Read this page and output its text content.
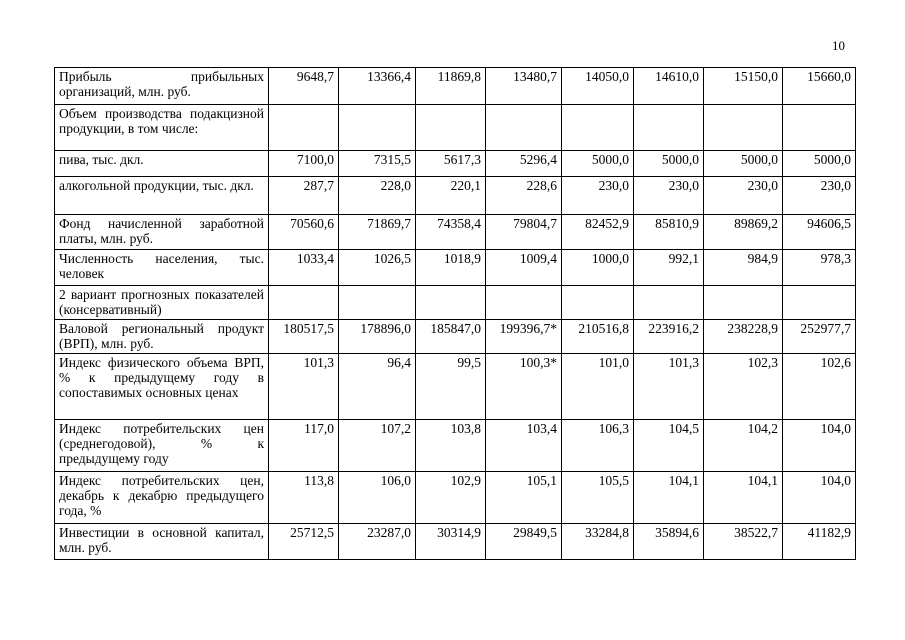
10
Прибыль прибыльных организаций, млн. руб.	9648,7	13366,4	11869,8	13480,7	14050,0	14610,0	15150,0	15660,0
Объем производства подакцизной продукции, в том числе:								
пива, тыс. дкл.	7100,0	7315,5	5617,3	5296,4	5000,0	5000,0	5000,0	5000,0
алкогольной продукции, тыс. дкл.	287,7	228,0	220,1	228,6	230,0	230,0	230,0	230,0
Фонд начисленной заработной платы, млн. руб.	70560,6	71869,7	74358,4	79804,7	82452,9	85810,9	89869,2	94606,5
Численность населения, тыс. человек	1033,4	1026,5	1018,9	1009,4	1000,0	992,1	984,9	978,3
2 вариант прогнозных показателей (консервативный)								
Валовой региональный продукт (ВРП), млн. руб.	180517,5	178896,0	185847,0	199396,7*	210516,8	223916,2	238228,9	252977,7
Индекс физического объема ВРП, % к предыдущему году в сопоставимых основных ценах	101,3	96,4	99,5	100,3*	101,0	101,3	102,3	102,6
Индекс потребительских цен (среднегодовой), % к предыдущему году	117,0	107,2	103,8	103,4	106,3	104,5	104,2	104,0
Индекс потребительских цен, декабрь к декабрю предыдущего года, %	113,8	106,0	102,9	105,1	105,5	104,1	104,1	104,0
Инвестиции в основной капитал, млн. руб.	25712,5	23287,0	30314,9	29849,5	33284,8	35894,6	38522,7	41182,9
